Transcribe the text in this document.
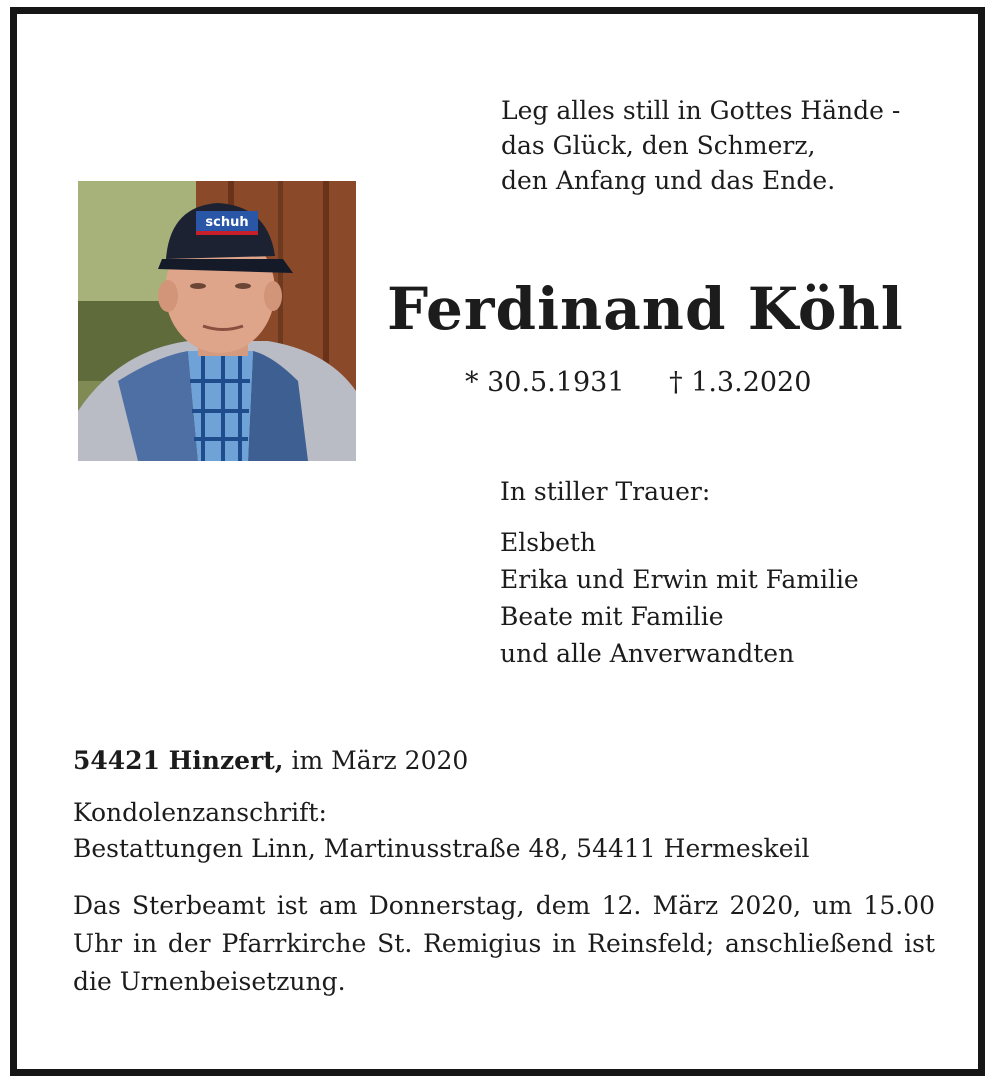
Leg alles still in Gottes Hände -
das Glück, den Schmerz,
den Anfang und das Ende.
schuh
Ferdinand Köhl
* 30.5.1931 † 1.3.2020
In stiller Trauer:
Elsbeth
Erika und Erwin mit Familie
Beate mit Familie
und alle Anverwandten
54421 Hinzert, im März 2020
Kondolenzanschrift:
Bestattungen Linn, Martinusstraße 48, 54411 Hermeskeil
Das Sterbeamt ist am Donnerstag, dem 12. März 2020, um 15.00 Uhr in der Pfarrkirche St. Remigius in Reinsfeld; anschließend ist die Urnenbeisetzung.
